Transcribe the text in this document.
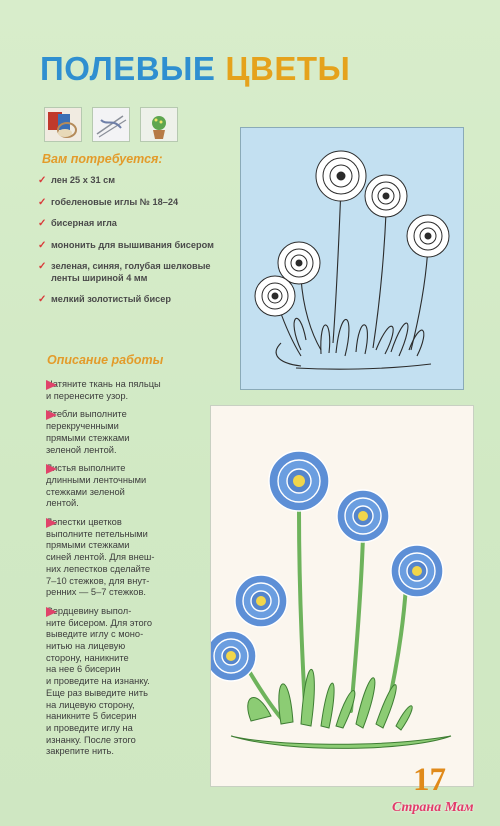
ПОЛЕВЫЕ ЦВЕТЫ
Вам потребуется:
✓ лен 25 х 31 см
✓ гобеленовые иглы № 18–24
✓ бисерная игла
✓ мононить для вышивания бисером
✓ зеленая, синяя, голубая шелковые ленты шириной 4 мм
✓ мелкий золотистый бисер
Описание работы
Натяните ткань на пяльцы
и перенесите узор.
Стебли выполните
перекрученными
прямыми стежками
зеленой лентой.
Листья выполните
длинными ленточными
стежками зеленой
лентой.
Лепестки цветков
выполните петельными
прямыми стежками
синей лентой. Для внеш-
них лепестков сделайте
7–10 стежков, для внут-
ренних — 5–7 стежков.
Сердцевину выпол-
ните бисером. Для этого
выведите иглу с моно-
нитью на лицевую
сторону, наникните
на нее 6 бисерин
и проведите на изнанку.
Еще раз выведите нить
на лицевую сторону,
наникните 5 бисерин
и проведите иглу на
изнанку. После этого
закрепите нить.
17
Страна Мам
